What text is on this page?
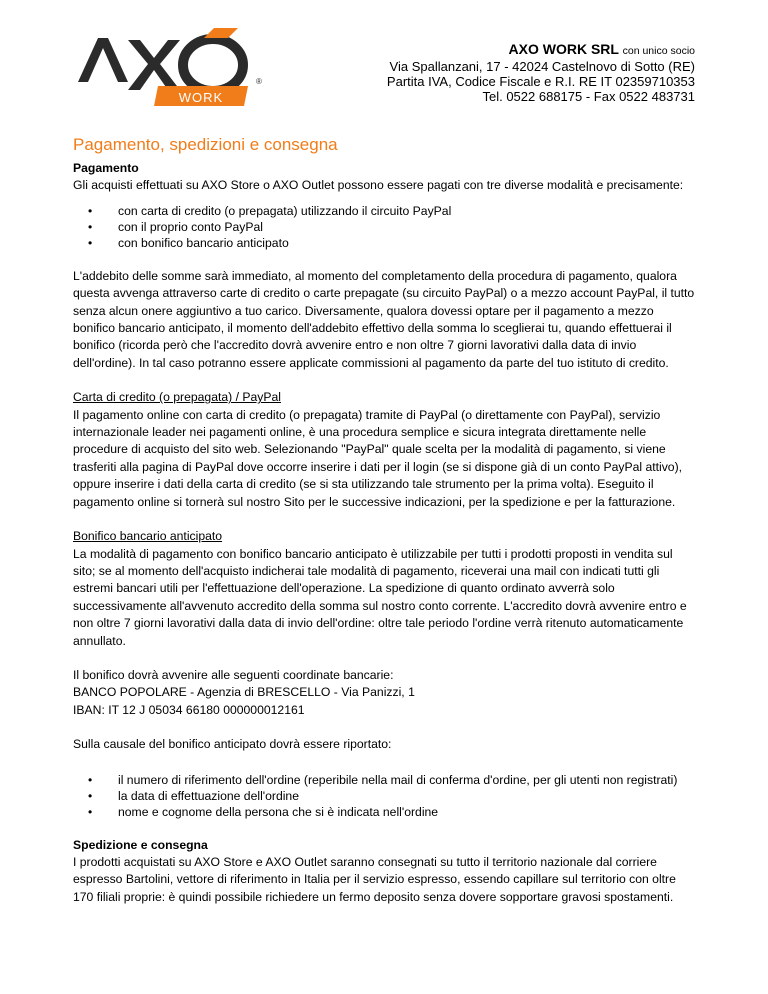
WORK
®
AXO WORK SRL con unico socio
Via Spallanzani, 17 - 42024 Castelnovo di Sotto (RE)
Partita IVA, Codice Fiscale e R.I. RE IT 02359710353
Tel. 0522 688175 - Fax 0522 483731
Pagamento, spedizioni e consegna
Pagamento
Gli acquisti effettuati su AXO Store o AXO Outlet possono essere pagati con tre diverse modalità e precisamente:
• con carta di credito (o prepagata) utilizzando il circuito PayPal
• con il proprio conto PayPal
• con bonifico bancario anticipato

L'addebito delle somme sarà immediato, al momento del completamento della procedura di pagamento, qualora questa avvenga attraverso carte di credito o carte prepagate (su circuito PayPal) o a mezzo account PayPal, il tutto senza alcun onere aggiuntivo a tuo carico. Diversamente, qualora dovessi optare per il pagamento a mezzo bonifico bancario anticipato, il momento dell'addebito effettivo della somma lo sceglierai tu, quando effettuerai il bonifico (ricorda però che l'accredito dovrà avvenire entro e non oltre 7 giorni lavorativi dalla data di invio dell'ordine). In tal caso potranno essere applicate commissioni al pagamento da parte del tuo istituto di credito.

Carta di credito (o prepagata) / PayPal

Il pagamento online con carta di credito (o prepagata) tramite di PayPal (o direttamente con PayPal), servizio internazionale leader nei pagamenti online, è una procedura semplice e sicura integrata direttamente nelle procedure di acquisto del sito web. Selezionando "PayPal" quale scelta per la modalità di pagamento, si viene trasferiti alla pagina di PayPal dove occorre inserire i dati per il login (se si dispone già di un conto PayPal attivo), oppure inserire i dati della carta di credito (se si sta utilizzando tale strumento per la prima volta). Eseguito il pagamento online si tornerà sul nostro Sito per le successive indicazioni, per la spedizione e per la fatturazione.

Bonifico bancario anticipato

La modalità di pagamento con bonifico bancario anticipato è utilizzabile per tutti i prodotti proposti in vendita sul sito; se al momento dell'acquisto indicherai tale modalità di pagamento, riceverai una mail con indicati tutti gli estremi bancari utili per l'effettuazione dell'operazione. La spedizione di quanto ordinato avverrà solo successivamente all'avvenuto accredito della somma sul nostro conto corrente. L'accredito dovrà avvenire entro e non oltre 7 giorni lavorativi dalla data di invio dell'ordine: oltre tale periodo l'ordine verrà ritenuto automaticamente annullato.

Il bonifico dovrà avvenire alle seguenti coordinate bancarie:
BANCO POPOLARE - Agenzia di BRESCELLO - Via Panizzi, 1

IBAN: IT 12 J 05034 66180 000000012161

Sulla causale del bonifico anticipato dovrà essere riportato:
• il numero di riferimento dell'ordine (reperibile nella mail di conferma d'ordine, per gli utenti non registrati)
• la data di effettuazione dell'ordine
• nome e cognome della persona che si è indicata nell'ordine
Spedizione e consegna

I prodotti acquistati su AXO Store e AXO Outlet saranno consegnati su tutto il territorio nazionale dal corriere espresso Bartolini, vettore di riferimento in Italia per il servizio espresso, essendo capillare sul territorio con oltre 170 filiali proprie: è quindi possibile richiedere un fermo deposito senza dovere sopportare gravosi spostamenti.
